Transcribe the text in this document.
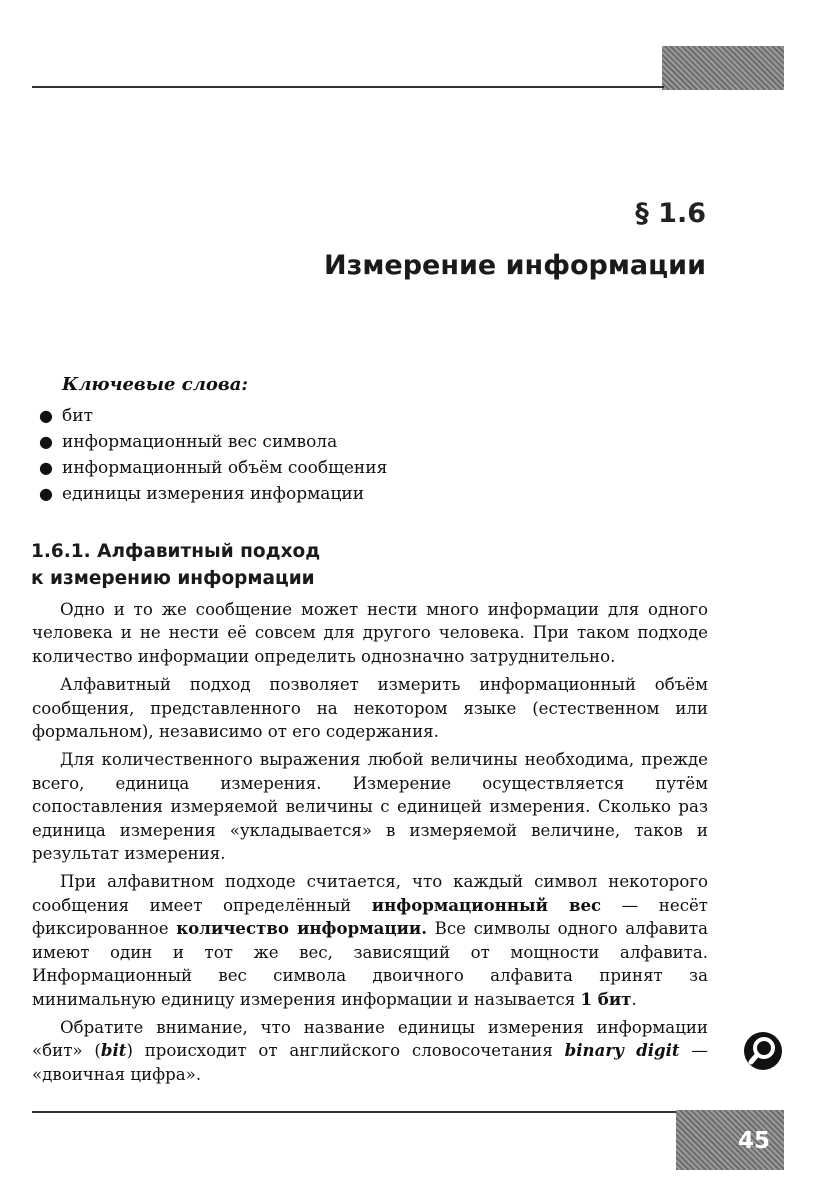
§ 1.6
Измерение информации
Ключевые слова:
● бит
● информационный вес символа
● информационный объём сообщения
● единицы измерения информации
1.6.1. Алфавитный подход
к измерению информации

Одно и то же сообщение может нести много информации для одного человека и не нести её совсем для другого человека. При таком подходе количество информации определить однозначно затруднительно.

Алфавитный подход позволяет измерить информационный объём сообщения, представленного на некотором языке (естественном или формальном), независимо от его содержания.

Для количественного выражения любой величины необходима, прежде всего, единица измерения. Измерение осуществляется путём сопоставления измеряемой величины с единицей измерения. Сколько раз единица измерения «укладывается» в измеряемой величине, таков и результат измерения.

При алфавитном подходе считается, что каждый символ некоторого сообщения имеет определённый информационный вес — несёт фиксированное количество информации. Все символы одного алфавита имеют один и тот же вес, зависящий от мощности алфавита. Информационный вес символа двоичного алфавита принят за минимальную единицу измерения информации и называется 1 бит.

Обратите внимание, что название единицы измерения информации «бит» (bit) происходит от английского словосочетания binary digit — «двоичная цифра».

45
